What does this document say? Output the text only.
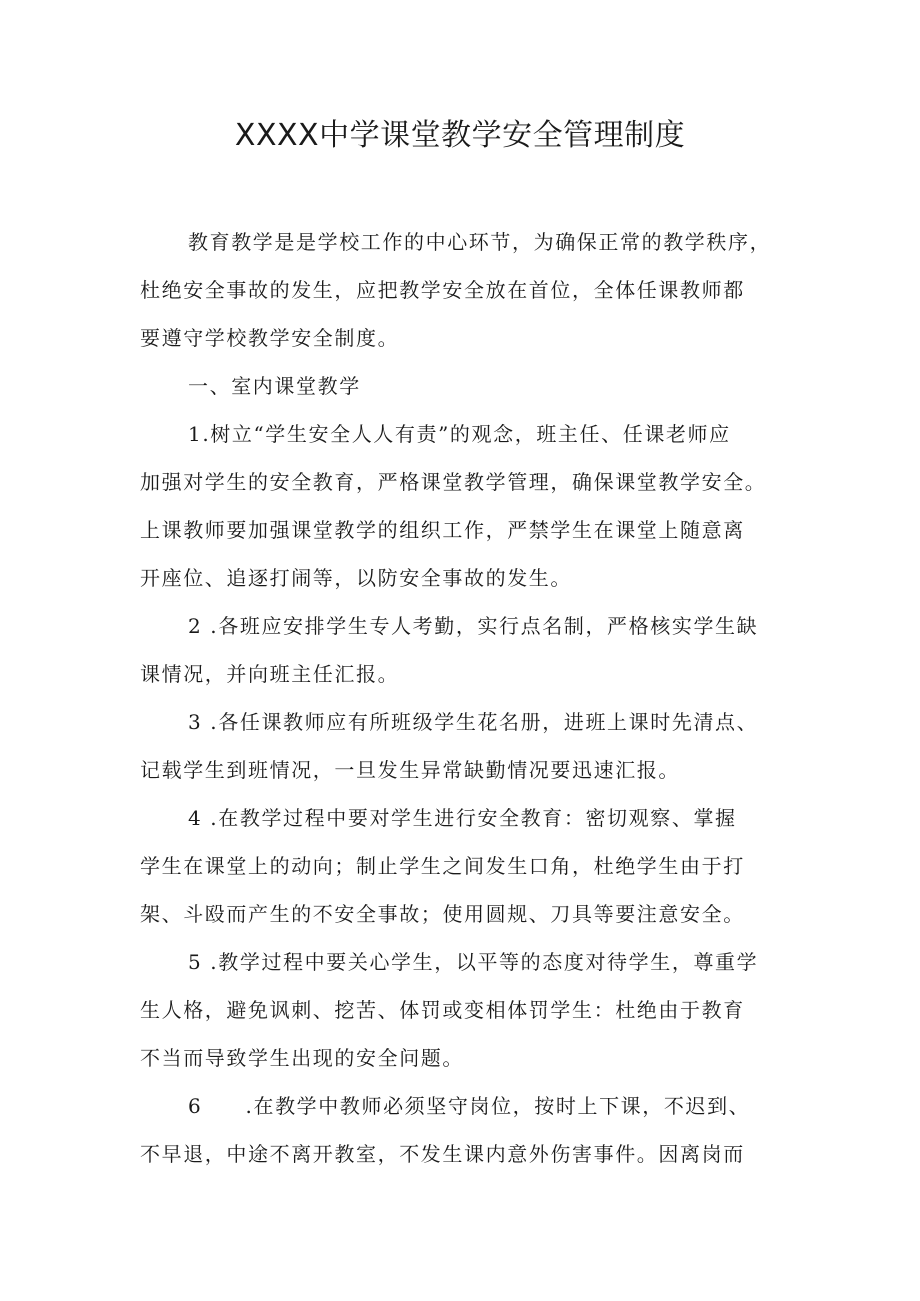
XXXX中学课堂教学安全管理制度
教育教学是是学校工作的中心环节，为确保正常的教学秩序，
杜绝安全事故的发生，应把教学安全放在首位，全体任课教师都
要遵守学校教学安全制度。
一、室内课堂教学
1.树立“学生安全人人有责”的观念，班主任、任课老师应
加强对学生的安全教育，严格课堂教学管理，确保课堂教学安全。
上课教师要加强课堂教学的组织工作，严禁学生在课堂上随意离
开座位、追逐打闹等，以防安全事故的发生。
2 .各班应安排学生专人考勤，实行点名制，严格核实学生缺
课情况，并向班主任汇报。
3 .各任课教师应有所班级学生花名册，进班上课时先清点、
记载学生到班情况，一旦发生异常缺勤情况要迅速汇报。
4 .在教学过程中要对学生进行安全教育：密切观察、掌握
学生在课堂上的动向；制止学生之间发生口角，杜绝学生由于打
架、斗殴而产生的不安全事故；使用圆规、刀具等要注意安全。
5 .教学过程中要关心学生，以平等的态度对待学生，尊重学
生人格，避免讽刺、挖苦、体罚或变相体罚学生：杜绝由于教育
不当而导致学生出现的安全问题。
6　　.在教学中教师必须坚守岗位，按时上下课，不迟到、
不早退，中途不离开教室，不发生课内意外伤害事件。因离岗而
